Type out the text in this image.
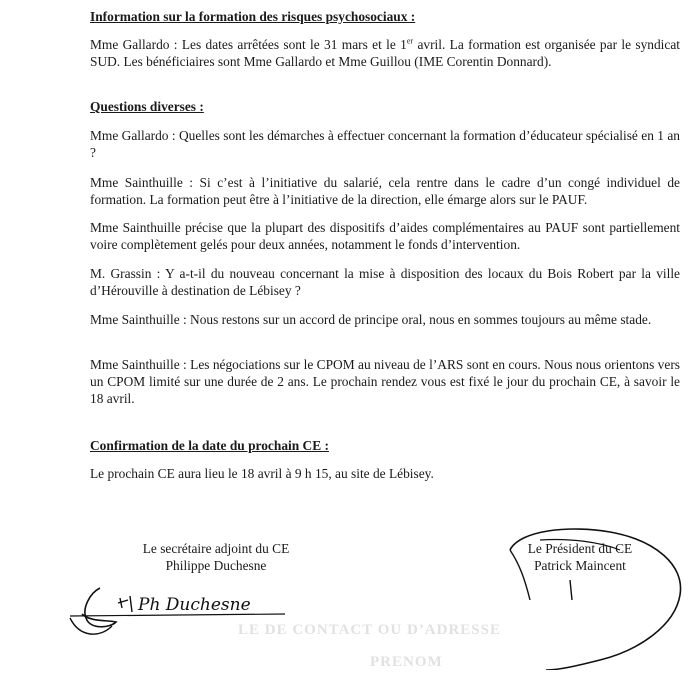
LE DE CONTACT OU D’ADRESSE
PRENOM
Information sur la formation des risques psychosociaux :
Mme Gallardo : Les dates arrêtées sont le 31 mars et le 1er avril. La formation est organisée par le syndicat SUD. Les bénéficiaires sont Mme Gallardo et Mme Guillou (IME Corentin Donnard).
Questions diverses :
Mme Gallardo : Quelles sont les démarches à effectuer concernant la formation d’éducateur spécialisé en 1 an ?
Mme Sainthuille : Si c’est à l’initiative du salarié, cela rentre dans le cadre d’un congé individuel de formation. La formation peut être à l’initiative de la direction, elle émarge alors sur le PAUF.
Mme Sainthuille précise que la plupart des dispositifs d’aides complémentaires au PAUF sont partiellement voire complètement gelés pour deux années, notamment le fonds d’intervention.
M. Grassin : Y a-t-il du nouveau concernant la mise à disposition des locaux du Bois Robert par la ville d’Hérouville à destination de Lébisey ?
Mme Sainthuille : Nous restons sur un accord de principe oral, nous en sommes toujours au même stade.
Mme Sainthuille : Les négociations sur le CPOM au niveau de l’ARS sont en cours. Nous nous orientons vers un CPOM limité sur une durée de 2 ans. Le prochain rendez vous est fixé le jour du prochain CE, à savoir le 18 avril.
Confirmation de la date du prochain CE :
Le prochain CE aura lieu le 18 avril à 9 h 15, au site de Lébisey.
Le secrétaire adjoint du CE
Philippe Duchesne
Le Président du CE
Patrick Maincent
Ph Duchesne
